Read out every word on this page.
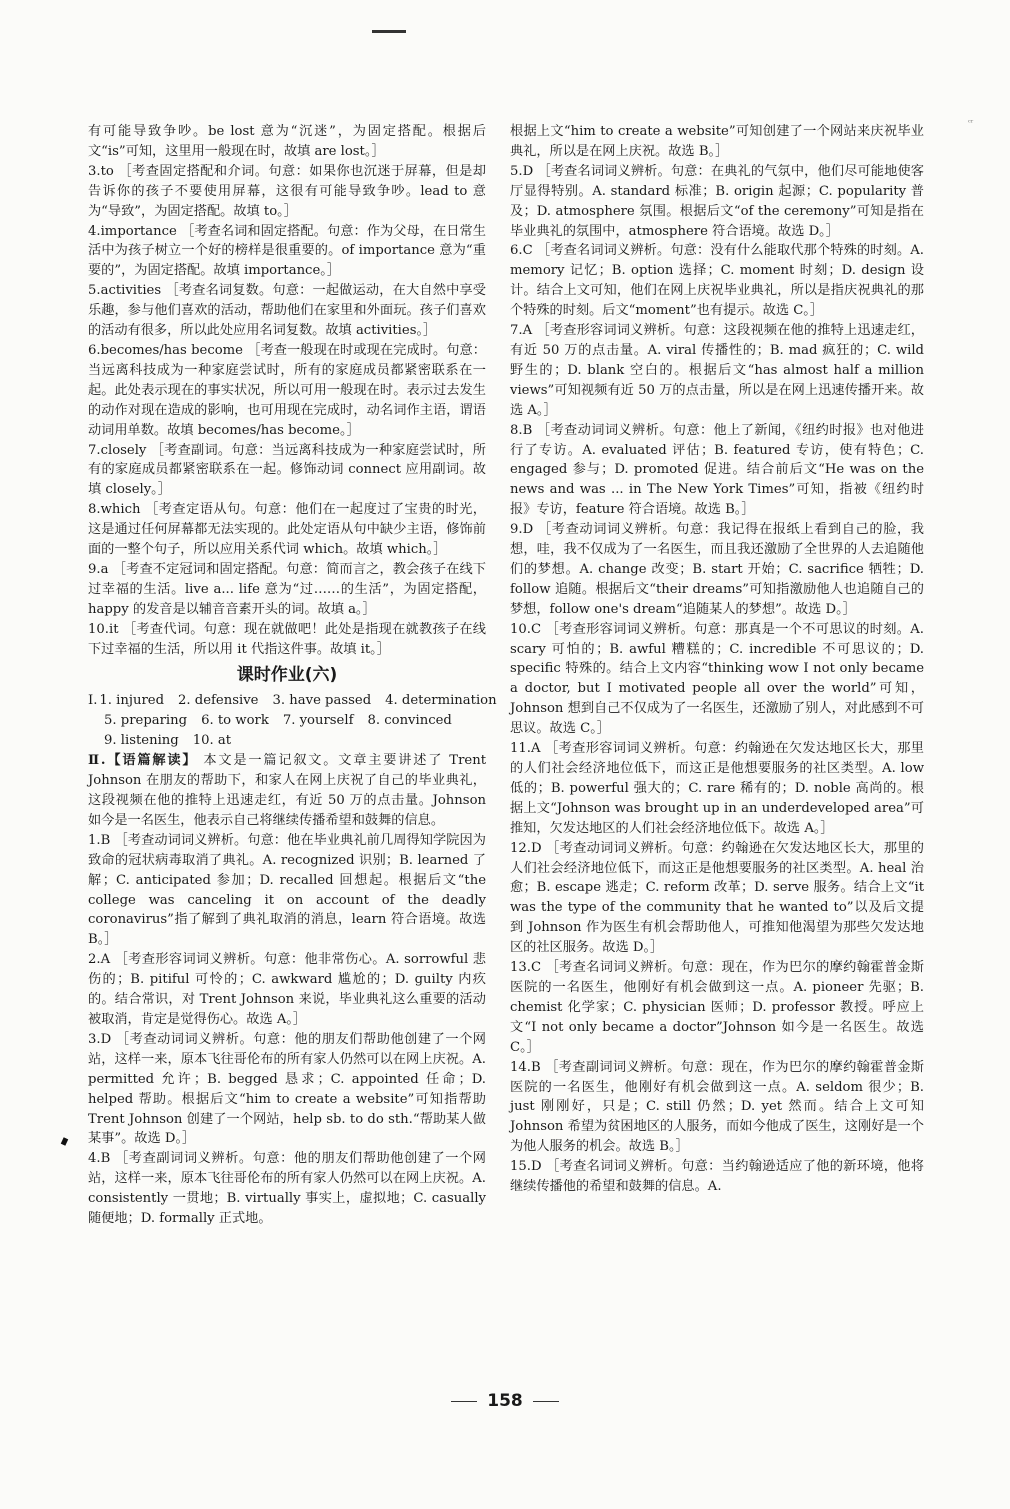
ᶜʳ

有可能导致争吵。be lost 意为“沉迷”，为固定搭配。根据后文“is”可知，这里用一般现在时，故填 are lost。］

3.to ［考查固定搭配和介词。句意：如果你也沉迷于屏幕，但是却告诉你的孩子不要使用屏幕，这很有可能导致争吵。lead to 意为“导致”，为固定搭配。故填 to。］

4.importance ［考查名词和固定搭配。句意：作为父母，在日常生活中为孩子树立一个好的榜样是很重要的。of importance 意为“重要的”，为固定搭配。故填 importance。］

5.activities ［考查名词复数。句意：一起做运动，在大自然中享受乐趣，参与他们喜欢的活动，帮助他们在家里和外面玩。孩子们喜欢的活动有很多，所以此处应用名词复数。故填 activities。］

6.becomes/has become ［考查一般现在时或现在完成时。句意：当远离科技成为一种家庭尝试时，所有的家庭成员都紧密联系在一起。此处表示现在的事实状况，所以可用一般现在时。表示过去发生的动作对现在造成的影响，也可用现在完成时，动名词作主语，谓语动词用单数。故填 becomes/has become。］

7.closely ［考查副词。句意：当远离科技成为一种家庭尝试时，所有的家庭成员都紧密联系在一起。修饰动词 connect 应用副词。故填 closely。］

8.which ［考查定语从句。句意：他们在一起度过了宝贵的时光，这是通过任何屏幕都无法实现的。此处定语从句中缺少主语，修饰前面的一整个句子，所以应用关系代词 which。故填 which。］

9.a ［考查不定冠词和固定搭配。句意：简而言之，教会孩子在线下过幸福的生活。live a... life 意为“过……的生活”，为固定搭配，happy 的发音是以辅音音素开头的词。故填 a。］

10.it ［考查代词。句意：现在就做吧！此处是指现在就教孩子在线下过幸福的生活，所以用 it 代指这件事。故填 it。］

课时作业(六)
Ⅰ. 1. injured 2. defensive 3. have passed 4. determination
5. preparing 6. to work 7. yourself 8. convinced
9. listening 10. at

Ⅱ.【语篇解读】 本文是一篇记叙文。文章主要讲述了 Trent Johnson 在朋友的帮助下，和家人在网上庆祝了自己的毕业典礼，这段视频在他的推特上迅速走红，有近 50 万的点击量。Johnson 如今是一名医生，他表示自己将继续传播希望和鼓舞的信息。

1.B ［考查动词词义辨析。句意：他在毕业典礼前几周得知学院因为致命的冠状病毒取消了典礼。A. recognized 识别；B. learned 了解；C. anticipated 参加；D. recalled 回想起。根据后文“the college was canceling it on account of the deadly coronavirus”指了解到了典礼取消的消息，learn 符合语境。故选 B。］

2.A ［考查形容词词义辨析。句意：他非常伤心。A. sorrowful 悲伤的；B. pitiful 可怜的；C. awkward 尴尬的；D. guilty 内疚的。结合常识，对 Trent Johnson 来说，毕业典礼这么重要的活动被取消，肯定是觉得伤心。故选 A。］

3.D ［考查动词词义辨析。句意：他的朋友们帮助他创建了一个网站，这样一来，原本飞往哥伦布的所有家人仍然可以在网上庆祝。A. permitted 允许；B. begged 恳求；C. appointed 任命；D. helped 帮助。根据后文“him to create a website”可知指帮助 Trent Johnson 创建了一个网站，help sb. to do sth.“帮助某人做某事”。故选 D。］

4.B ［考查副词词义辨析。句意：他的朋友们帮助他创建了一个网站，这样一来，原本飞往哥伦布的所有家人仍然可以在网上庆祝。A. consistently 一贯地；B. virtually 事实上，虚拟地；C. casually 随便地；D. formally 正式地。

根据上文“him to create a website”可知创建了一个网站来庆祝毕业典礼，所以是在网上庆祝。故选 B。］

5.D ［考查名词词义辨析。句意：在典礼的气氛中，他们尽可能地使客厅显得特别。A. standard 标准；B. origin 起源；C. popularity 普及；D. atmosphere 氛围。根据后文“of the ceremony”可知是指在毕业典礼的氛围中，atmosphere 符合语境。故选 D。］

6.C ［考查名词词义辨析。句意：没有什么能取代那个特殊的时刻。A. memory 记忆；B. option 选择；C. moment 时刻；D. design 设计。结合上文可知，他们在网上庆祝毕业典礼，所以是指庆祝典礼的那个特殊的时刻。后文“moment”也有提示。故选 C。］

7.A ［考查形容词词义辨析。句意：这段视频在他的推特上迅速走红，有近 50 万的点击量。A. viral 传播性的；B. mad 疯狂的；C. wild 野生的；D. blank 空白的。根据后文“has almost half a million views”可知视频有近 50 万的点击量，所以是在网上迅速传播开来。故选 A。］

8.B ［考查动词词义辨析。句意：他上了新闻，《纽约时报》也对他进行了专访。A. evaluated 评估；B. featured 专访，使有特色；C. engaged 参与；D. promoted 促进。结合前后文“He was on the news and was ... in The New York Times”可知，指被《纽约时报》专访，feature 符合语境。故选 B。］

9.D ［考查动词词义辨析。句意：我记得在报纸上看到自己的脸，我想，哇，我不仅成为了一名医生，而且我还激励了全世界的人去追随他们的梦想。A. change 改变；B. start 开始；C. sacrifice 牺牲；D. follow 追随。根据后文“their dreams”可知指激励他人也追随自己的梦想，follow one's dream“追随某人的梦想”。故选 D。］

10.C ［考查形容词词义辨析。句意：那真是一个不可思议的时刻。A. scary 可怕的；B. awful 糟糕的；C. incredible 不可思议的；D. specific 特殊的。结合上文内容“thinking wow I not only became a doctor, but I motivated people all over the world”可知，Johnson 想到自己不仅成为了一名医生，还激励了别人，对此感到不可思议。故选 C。］

11.A ［考查形容词词义辨析。句意：约翰逊在欠发达地区长大，那里的人们社会经济地位低下，而这正是他想要服务的社区类型。A. low 低的；B. powerful 强大的；C. rare 稀有的；D. noble 高尚的。根据上文“Johnson was brought up in an underdeveloped area”可推知，欠发达地区的人们社会经济地位低下。故选 A。］

12.D ［考查动词词义辨析。句意：约翰逊在欠发达地区长大，那里的人们社会经济地位低下，而这正是他想要服务的社区类型。A. heal 治愈；B. escape 逃走；C. reform 改革；D. serve 服务。结合上文“it was the type of the community that he wanted to”以及后文提到 Johnson 作为医生有机会帮助他人，可推知他渴望为那些欠发达地区的社区服务。故选 D。］

13.C ［考查名词词义辨析。句意：现在，作为巴尔的摩约翰霍普金斯医院的一名医生，他刚好有机会做到这一点。A. pioneer 先驱；B. chemist 化学家；C. physician 医师；D. professor 教授。呼应上文“I not only became a doctor”Johnson 如今是一名医生。故选 C。］

14.B ［考查副词词义辨析。句意：现在，作为巴尔的摩约翰霍普金斯医院的一名医生，他刚好有机会做到这一点。A. seldom 很少；B. just 刚刚好，只是；C. still 仍然；D. yet 然而。结合上文可知 Johnson 希望为贫困地区的人服务，而如今他成了医生，这刚好是一个为他人服务的机会。故选 B。］

15.D ［考查名词词义辨析。句意：当约翰逊适应了他的新环境，他将继续传播他的希望和鼓舞的信息。A.

158
